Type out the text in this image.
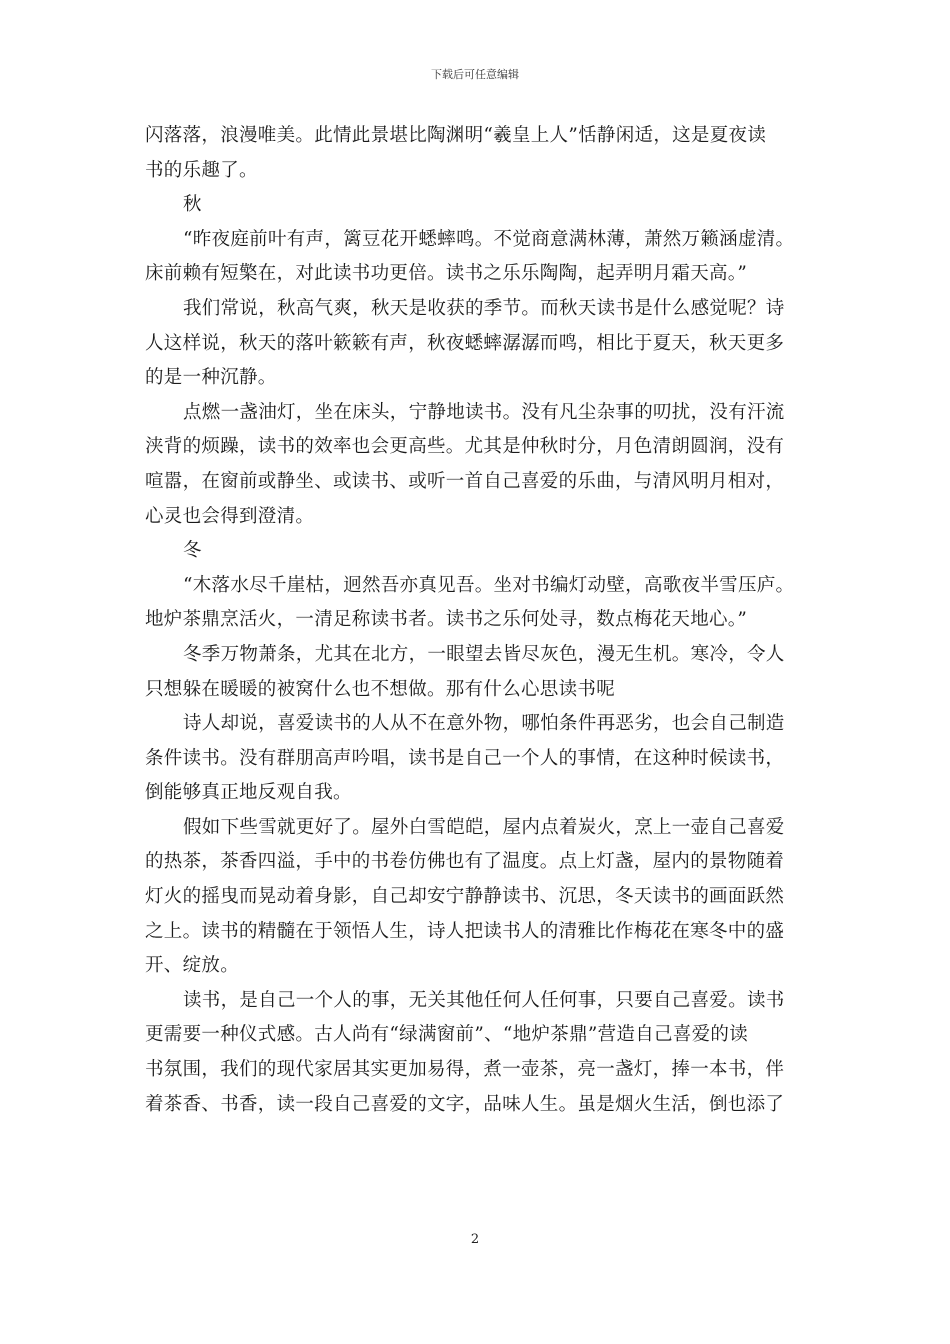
下载后可任意编辑
闪落落，浪漫唯美。此情此景堪比陶渊明“羲皇上人”恬静闲适，这是夏夜读
书的乐趣了。
秋
“昨夜庭前叶有声，篱豆花开蟋蟀鸣。不觉商意满林薄，萧然万籁涵虚清。
床前赖有短檠在，对此读书功更倍。读书之乐乐陶陶，起弄明月霜天高。”
我们常说，秋高气爽，秋天是收获的季节。而秋天读书是什么感觉呢？诗
人这样说，秋天的落叶簌簌有声，秋夜蟋蟀潺潺而鸣，相比于夏天，秋天更多
的是一种沉静。
点燃一盏油灯，坐在床头，宁静地读书。没有凡尘杂事的叨扰，没有汗流
浃背的烦躁，读书的效率也会更高些。尤其是仲秋时分，月色清朗圆润，没有
喧嚣，在窗前或静坐、或读书、或听一首自己喜爱的乐曲，与清风明月相对，
心灵也会得到澄清。
冬
“木落水尽千崖枯，迥然吾亦真见吾。坐对书编灯动壁，高歌夜半雪压庐。
地炉茶鼎烹活火，一清足称读书者。读书之乐何处寻，数点梅花天地心。”
冬季万物萧条，尤其在北方，一眼望去皆尽灰色，漫无生机。寒冷，令人
只想躲在暖暖的被窝什么也不想做。那有什么心思读书呢
诗人却说，喜爱读书的人从不在意外物，哪怕条件再恶劣，也会自己制造
条件读书。没有群朋高声吟唱，读书是自己一个人的事情，在这种时候读书，
倒能够真正地反观自我。
假如下些雪就更好了。屋外白雪皑皑，屋内点着炭火，烹上一壶自己喜爱
的热茶，茶香四溢，手中的书卷仿佛也有了温度。点上灯盏，屋内的景物随着
灯火的摇曳而晃动着身影，自己却安宁静静读书、沉思，冬天读书的画面跃然
之上。读书的精髓在于领悟人生，诗人把读书人的清雅比作梅花在寒冬中的盛
开、绽放。
读书，是自己一个人的事，无关其他任何人任何事，只要自己喜爱。读书
更需要一种仪式感。古人尚有“绿满窗前”、“地炉茶鼎”营造自己喜爱的读
书氛围，我们的现代家居其实更加易得，煮一壶茶，亮一盏灯，捧一本书，伴
着茶香、书香，读一段自己喜爱的文字，品味人生。虽是烟火生活，倒也添了
2
